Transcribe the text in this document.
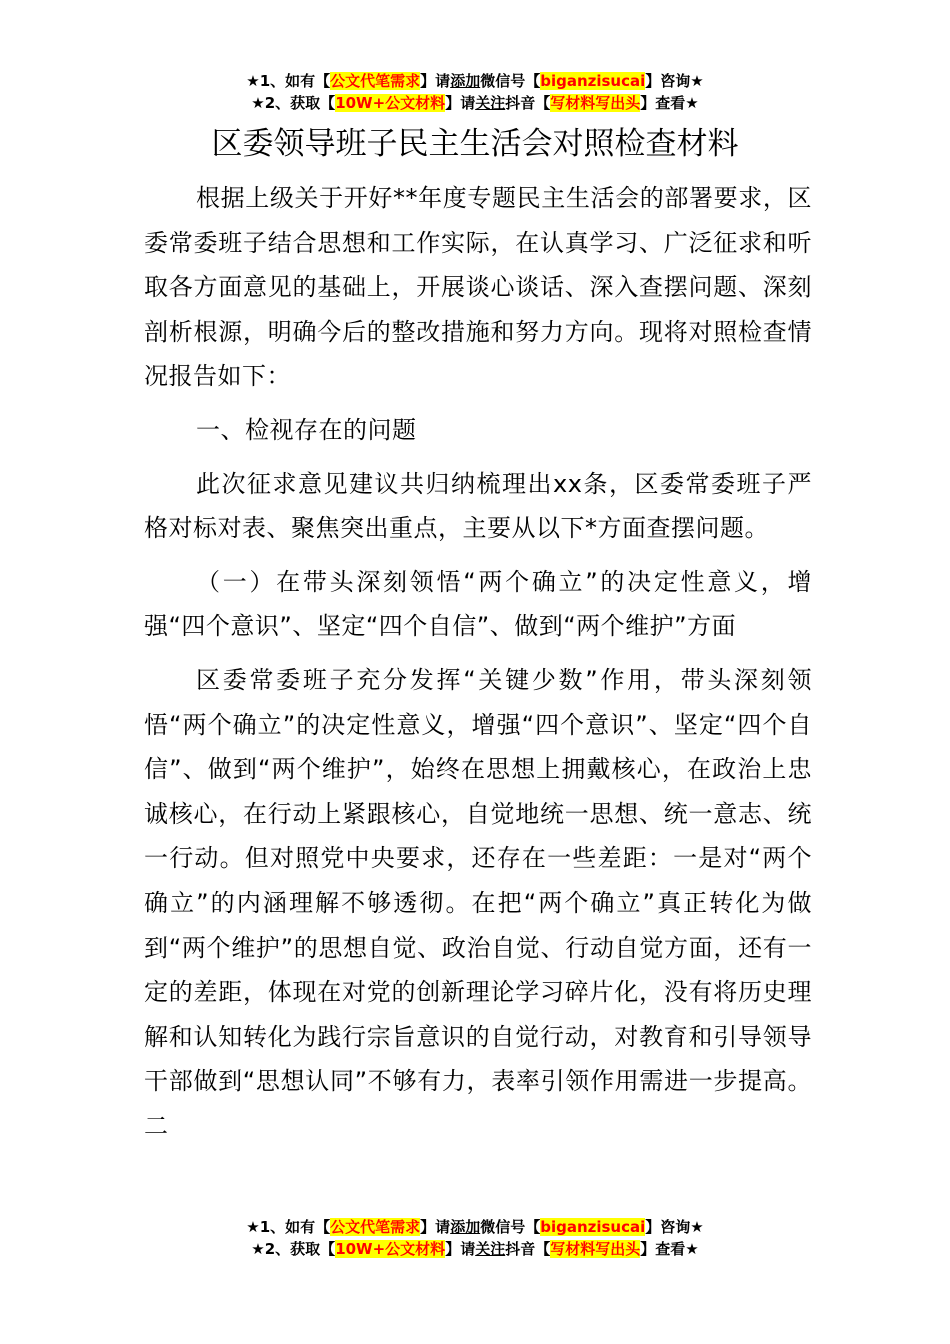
★1、如有【公文代笔需求】请添加微信号【biganzisucai】咨询★
★2、获取【10W+公文材料】请关注抖音【写材料写出头】查看★
区委领导班子民主生活会对照检查材料

根据上级关于开好**年度专题民主生活会的部署要求，区委常委班子结合思想和工作实际，在认真学习、广泛征求和听取各方面意见的基础上，开展谈心谈话、深入查摆问题、深刻剖析根源，明确今后的整改措施和努力方向。现将对照检查情况报告如下：

一、检视存在的问题

此次征求意见建议共归纳梳理出xx条，区委常委班子严格对标对表、聚焦突出重点，主要从以下*方面查摆问题。

（一）在带头深刻领悟“两个确立”的决定性意义，增强“四个意识”、坚定“四个自信”、做到“两个维护”方面

区委常委班子充分发挥“关键少数”作用，带头深刻领悟“两个确立”的决定性意义，增强“四个意识”、坚定“四个自信”、做到“两个维护”，始终在思想上拥戴核心，在政治上忠诚核心，在行动上紧跟核心，自觉地统一思想、统一意志、统一行动。但对照党中央要求，还存在一些差距：一是对“两个确立”的内涵理解不够透彻。在把“两个确立”真正转化为做到“两个维护”的思想自觉、政治自觉、行动自觉方面，还有一定的差距，体现在对党的创新理论学习碎片化，没有将历史理解和认知转化为践行宗旨意识的自觉行动，对教育和引导领导干部做到“思想认同”不够有力，表率引领作用需进一步提高。二

★1、如有【公文代笔需求】请添加微信号【biganzisucai】咨询★
★2、获取【10W+公文材料】请关注抖音【写材料写出头】查看★
